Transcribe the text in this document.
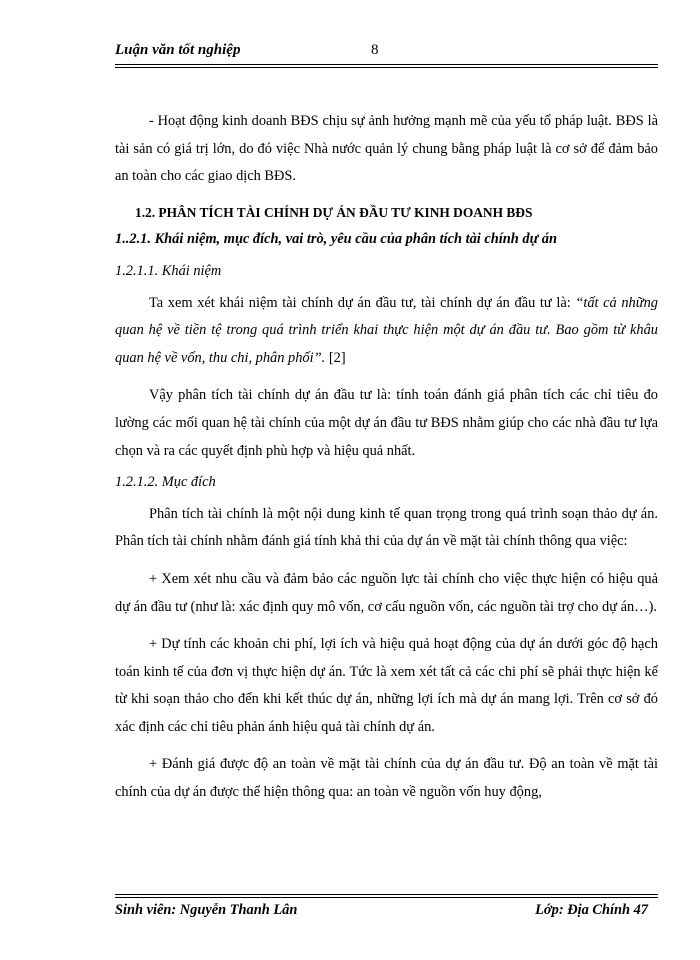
Luận văn tốt nghiệp	8

- Hoạt động kinh doanh BĐS chịu sự ảnh hưởng mạnh mẽ của yếu tố pháp luật. BĐS là tài sản có giá trị lớn, do đó việc Nhà nước quản lý chung bằng pháp luật là cơ sở để đảm bảo an toàn cho các giao dịch BĐS.

1.2. PHÂN TÍCH TÀI CHÍNH DỰ ÁN ĐẦU TƯ KINH DOANH BĐS

1..2.1. Khái niệm, mục đích, vai trò, yêu cầu của phân tích tài chính dự án

1.2.1.1. Khái niệm

Ta xem xét khái niệm tài chính dự án đầu tư, tài chính dự án đầu tư là: “tất cả những quan hệ về tiền tệ trong quá trình triển khai thực hiện một dự án đầu tư. Bao gồm từ khâu quan hệ về vốn, thu chi, phân phối”. [2]

Vậy phân tích tài chính dự án đầu tư là: tính toán đánh giá phân tích các chỉ tiêu đo lường các mối quan hệ tài chính của một dự án đầu tư BĐS nhằm giúp cho các nhà đầu tư lựa chọn và ra các quyết định phù hợp và hiệu quả nhất.

1.2.1.2. Mục đích

Phân tích tài chính là một nội dung kinh tế quan trọng trong quá trình soạn thảo dự án. Phân tích tài chính nhằm đánh giá tính khả thi của dự án về mặt tài chính thông qua việc:

+ Xem xét nhu cầu và đảm bảo các nguồn lực tài chính cho việc thực hiện có hiệu quả dự án đầu tư (như là: xác định quy mô vốn, cơ cấu nguồn vốn, các nguồn tài trợ cho dự án…).

+ Dự tính các khoản chi phí, lợi ích và hiệu quả hoạt động của dự án dưới góc độ hạch toán kinh tế của đơn vị thực hiện dự án. Tức là xem xét tất cả các chi phí sẽ phải thực hiện kể từ khi soạn thảo cho đến khi kết thúc dự án, những lợi ích mà dự án mang lợi. Trên cơ sở đó xác định các chỉ tiêu phản ánh hiệu quả tài chính dự án.

+ Đánh giá được độ an toàn về mặt tài chính của dự án đầu tư. Độ an toàn về mặt tài chính của dự án được thể hiện thông qua: an toàn về nguồn vốn huy động,

Sinh viên: Nguyễn Thanh Lân	Lớp: Địa Chính 47
